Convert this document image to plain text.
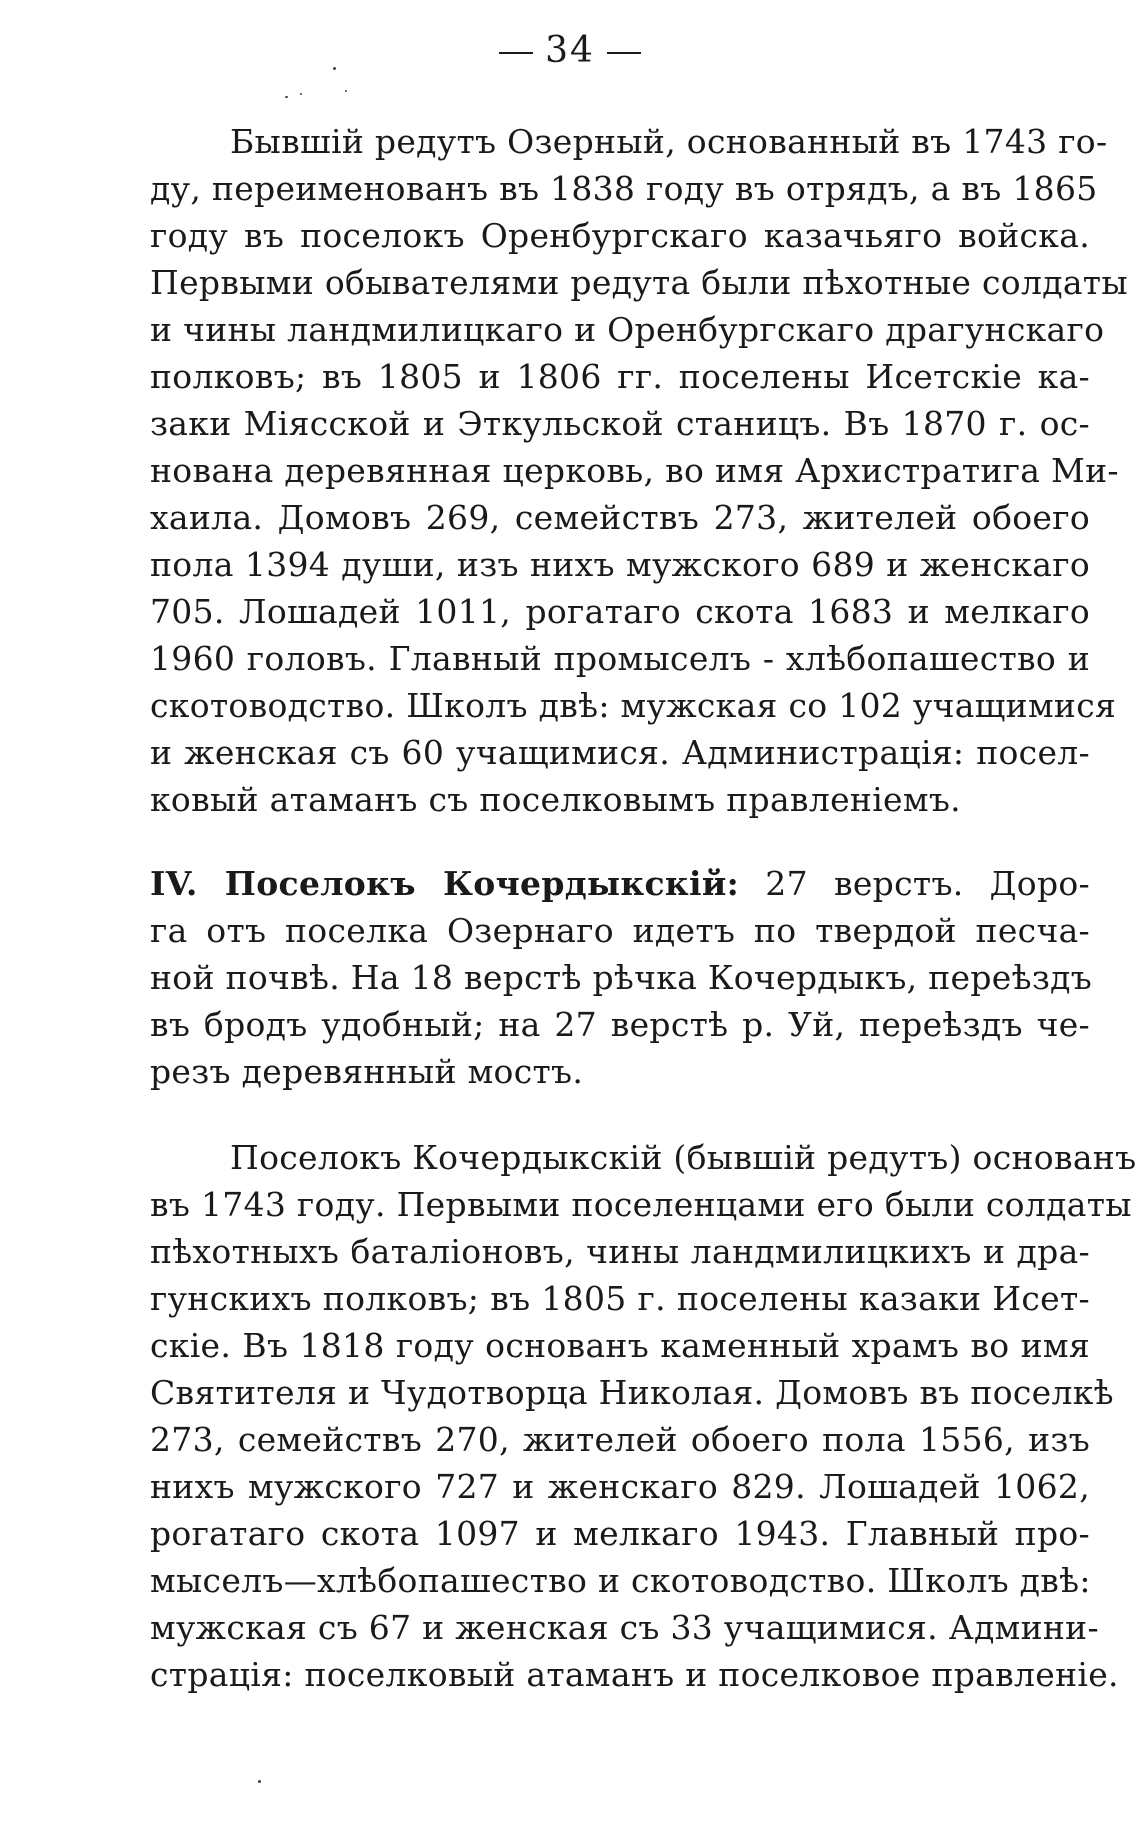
34
Бывшій редутъ Озерный, основанный въ 1743 го-
ду, переименованъ въ 1838 году въ отрядъ, а въ 1865
году въ поселокъ Оренбургскаго казачьяго войска.
Первыми обывателями редута были пѣхотные солдаты
и чины ландмилицкаго и Оренбургскаго драгунскаго
полковъ; въ 1805 и 1806 гг. поселены Исетскіе ка-
заки Міясской и Эткульской станицъ. Въ 1870 г. ос-
нована деревянная церковь, во имя Архистратига Ми-
хаила. Домовъ 269, семействъ 273, жителей обоего
пола 1394 души, изъ нихъ мужского 689 и женскаго
705. Лошадей 1011, рогатаго скота 1683 и мелкаго
1960 головъ. Главный промыселъ - хлѣбопашество и
скотоводство. Школъ двѣ: мужская со 102 учащимися
и женская съ 60 учащимися. Администрація: посел-
ковый атаманъ съ поселковымъ правленіемъ.
IV. Поселокъ Кочердыкскій: 27 верстъ. Доро-
га отъ поселка Озернаго идетъ по твердой песча-
ной почвѣ. На 18 верстѣ рѣчка Кочердыкъ, переѣздъ
въ бродъ удобный; на 27 верстѣ р. Уй, переѣздъ че-
резъ деревянный мостъ.
Поселокъ Кочердыкскій (бывшій редутъ) основанъ
въ 1743 году. Первыми поселенцами его были солдаты
пѣхотныхъ баталіоновъ, чины ландмилицкихъ и дра-
гунскихъ полковъ; въ 1805 г. поселены казаки Исет-
скіе. Въ 1818 году основанъ каменный храмъ во имя
Святителя и Чудотворца Николая. Домовъ въ поселкѣ
273, семействъ 270, жителей обоего пола 1556, изъ
нихъ мужского 727 и женскаго 829. Лошадей 1062,
рогатаго скота 1097 и мелкаго 1943. Главный про-
мыселъ—хлѣбопашество и скотоводство. Школъ двѣ:
мужская съ 67 и женская съ 33 учащимися. Админи-
страція: поселковый атаманъ и поселковое правленіе.
